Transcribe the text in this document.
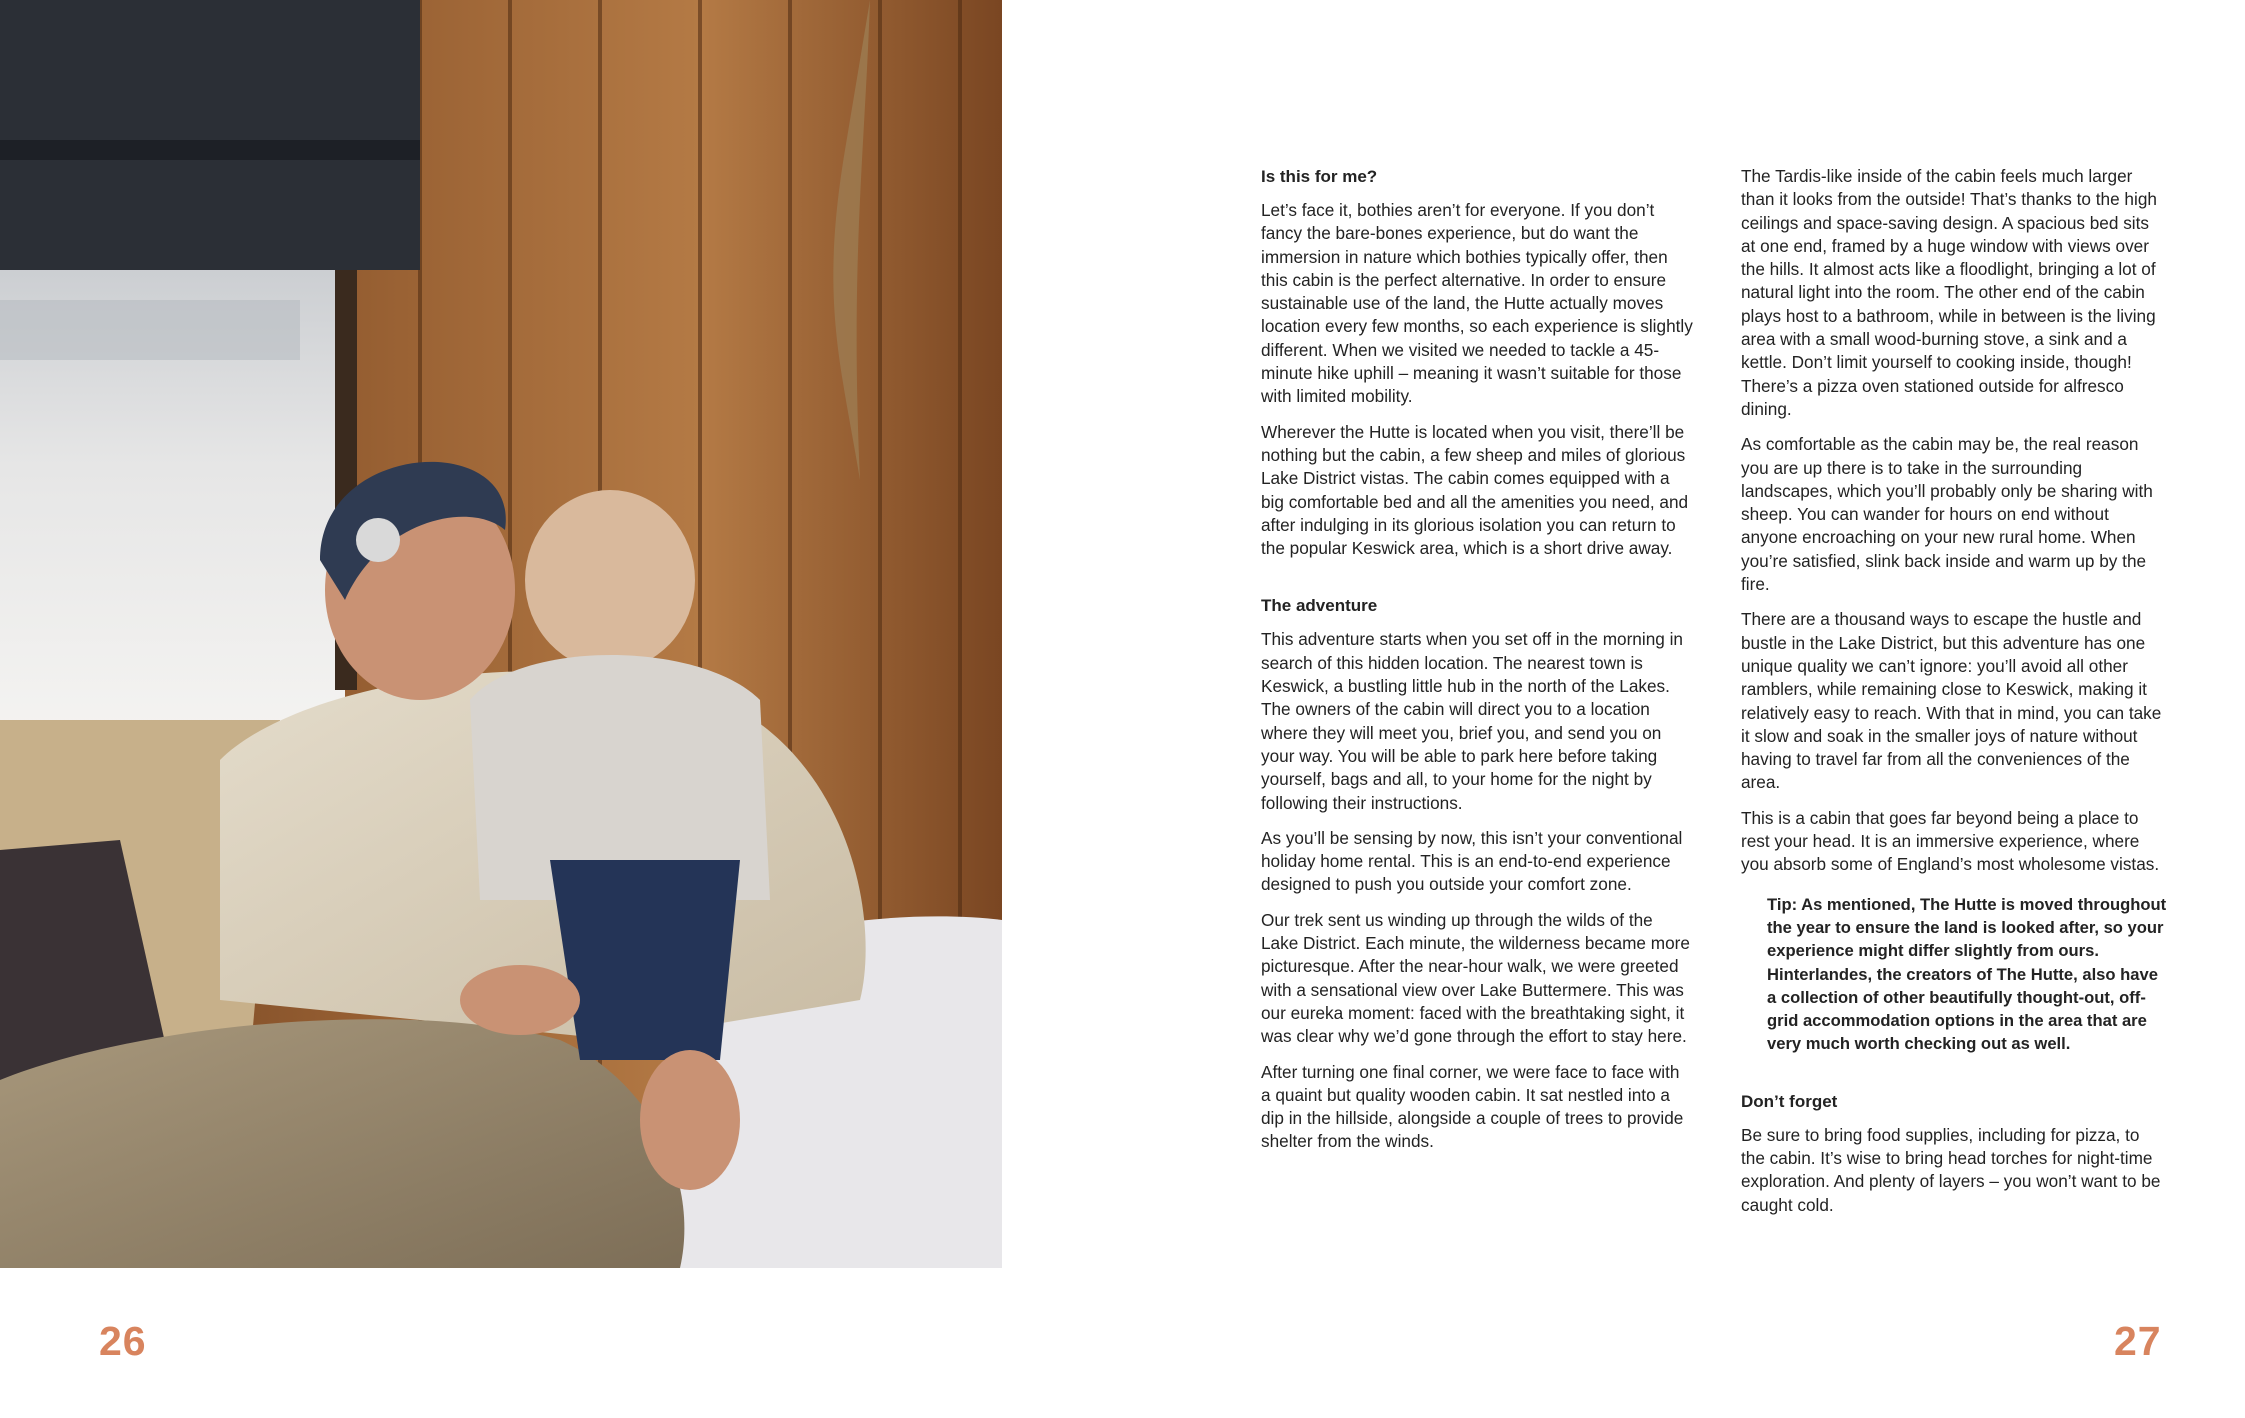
26
Is this for me?

Let’s face it, bothies aren’t for everyone. If you don’t fancy the bare-bones experience, but do want the immersion in nature which bothies typically offer, then this cabin is the perfect alternative. In order to ensure sustainable use of the land, the Hutte actually moves location every few months, so each experience is slightly different. When we visited we needed to tackle a 45-minute hike uphill – meaning it wasn’t suitable for those with limited mobility.

Wherever the Hutte is located when you visit, there’ll be nothing but the cabin, a few sheep and miles of glorious Lake District vistas. The cabin comes equipped with a big comfortable bed and all the amenities you need, and after indulging in its glorious isolation you can return to the popular Keswick area, which is a short drive away.

The adventure

This adventure starts when you set off in the morning in search of this hidden location. The nearest town is Keswick, a bustling little hub in the north of the Lakes. The owners of the cabin will direct you to a location where they will meet you, brief you, and send you on your way. You will be able to park here before taking yourself, bags and all, to your home for the night by following their instructions.

As you’ll be sensing by now, this isn’t your conventional holiday home rental. This is an end-to-end experience designed to push you outside your comfort zone.

Our trek sent us winding up through the wilds of the Lake District. Each minute, the wilderness became more picturesque. After the near-hour walk, we were greeted with a sensational view over Lake Buttermere. This was our eureka moment: faced with the breathtaking sight, it was clear why we’d gone through the effort to stay here.

After turning one final corner, we were face to face with a quaint but quality wooden cabin. It sat nestled into a dip in the hillside, alongside a couple of trees to provide shelter from the winds.

The Tardis-like inside of the cabin feels much larger than it looks from the outside! That’s thanks to the high ceilings and space-saving design. A spacious bed sits at one end, framed by a huge window with views over the hills. It almost acts like a floodlight, bringing a lot of natural light into the room. The other end of the cabin plays host to a bathroom, while in between is the living area with a small wood-burning stove, a sink and a kettle. Don’t limit yourself to cooking inside, though! There’s a pizza oven stationed outside for alfresco dining.

As comfortable as the cabin may be, the real reason you are up there is to take in the surrounding landscapes, which you’ll probably only be sharing with sheep. You can wander for hours on end without anyone encroaching on your new rural home. When you’re satisfied, slink back inside and warm up by the fire.

There are a thousand ways to escape the hustle and bustle in the Lake District, but this adventure has one unique quality we can’t ignore: you’ll avoid all other ramblers, while remaining close to Keswick, making it relatively easy to reach. With that in mind, you can take it slow and soak in the smaller joys of nature without having to travel far from all the conveniences of the area.

This is a cabin that goes far beyond being a place to rest your head. It is an immersive experience, where you absorb some of England’s most wholesome vistas.

Tip: As mentioned, The Hutte is moved throughout the year to ensure the land is looked after, so your experience might differ slightly from ours. Hinterlandes, the creators of The Hutte, also have a collection of other beautifully thought-out, off-grid accommodation options in the area that are very much worth checking out as well.

Don’t forget

Be sure to bring food supplies, including for pizza, to the cabin. It’s wise to bring head torches for night-time exploration. And plenty of layers – you won’t want to be caught cold.

27
